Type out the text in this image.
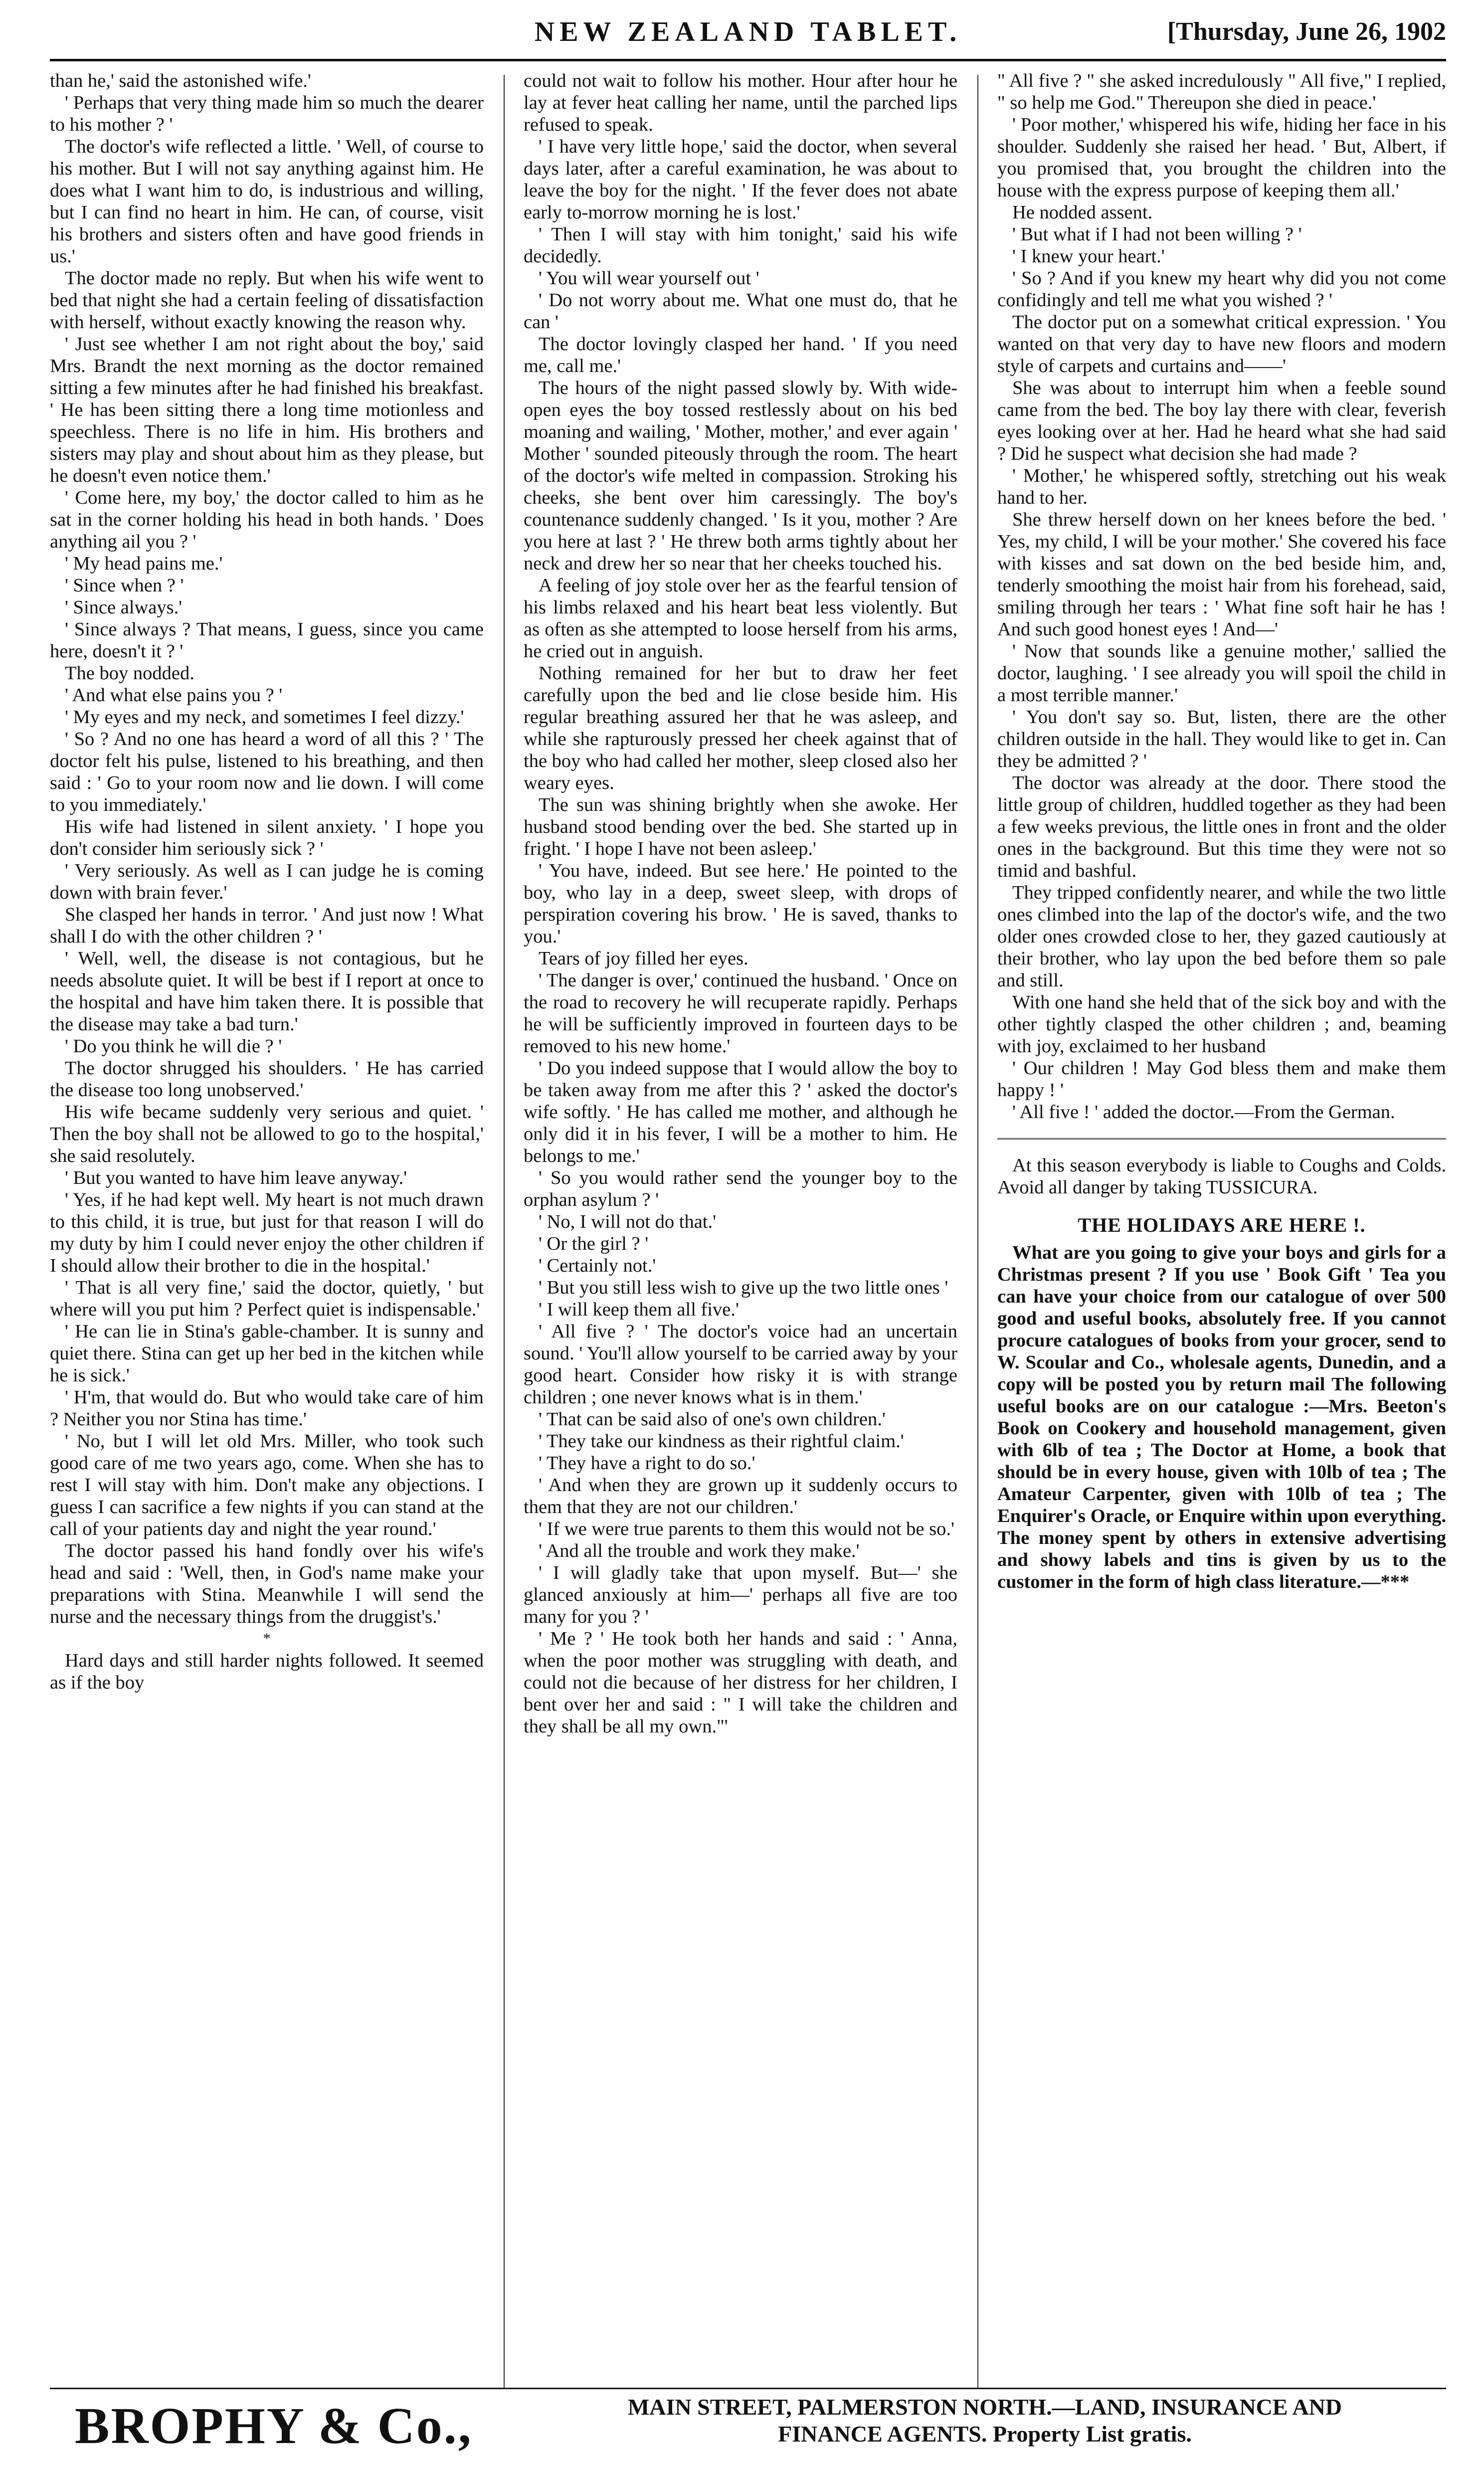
NEW ZEALAND TABLET.	[Thursday, June 26, 1902

than he,' said the astonished wife.'

' Perhaps that very thing made him so much the dearer to his mother ? '

The doctor's wife reflected a little. ' Well, of course to his mother. But I will not say anything against him. He does what I want him to do, is industrious and willing, but I can find no heart in him. He can, of course, visit his brothers and sisters often and have good friends in us.'

The doctor made no reply. But when his wife went to bed that night she had a certain feeling of dissatisfaction with herself, without exactly knowing the reason why.

' Just see whether I am not right about the boy,' said Mrs. Brandt the next morning as the doctor remained sitting a few minutes after he had finished his breakfast. ' He has been sitting there a long time motionless and speechless. There is no life in him. His brothers and sisters may play and shout about him as they please, but he doesn't even notice them.'

' Come here, my boy,' the doctor called to him as he sat in the corner holding his head in both hands. ' Does anything ail you ? '

' My head pains me.'

' Since when ? '

' Since always.'

' Since always ? That means, I guess, since you came here, doesn't it ? '

The boy nodded.

' And what else pains you ? '

' My eyes and my neck, and sometimes I feel dizzy.'

' So ? And no one has heard a word of all this ? ' The doctor felt his pulse, listened to his breathing, and then said : ' Go to your room now and lie down. I will come to you immediately.'

His wife had listened in silent anxiety. ' I hope you don't consider him seriously sick ? '

' Very seriously. As well as I can judge he is coming down with brain fever.'

She clasped her hands in terror. ' And just now ! What shall I do with the other children ? '

' Well, well, the disease is not contagious, but he needs absolute quiet. It will be best if I report at once to the hospital and have him taken there. It is possible that the disease may take a bad turn.'

' Do you think he will die ? '

The doctor shrugged his shoulders. ' He has carried the disease too long unobserved.'

His wife became suddenly very serious and quiet. ' Then the boy shall not be allowed to go to the hospital,' she said resolutely.

' But you wanted to have him leave anyway.'

' Yes, if he had kept well. My heart is not much drawn to this child, it is true, but just for that reason I will do my duty by him I could never enjoy the other children if I should allow their brother to die in the hospital.'

' That is all very fine,' said the doctor, quietly, ' but where will you put him ? Perfect quiet is indispensable.'

' He can lie in Stina's gable-chamber. It is sunny and quiet there. Stina can get up her bed in the kitchen while he is sick.'

' H'm, that would do. But who would take care of him ? Neither you nor Stina has time.'

' No, but I will let old Mrs. Miller, who took such good care of me two years ago, come. When she has to rest I will stay with him. Don't make any objections. I guess I can sacrifice a few nights if you can stand at the call of your patients day and night the year round.'

The doctor passed his hand fondly over his wife's head and said : 'Well, then, in God's name make your preparations with Stina. Meanwhile I will send the nurse and the necessary things from the druggist's.'

*

Hard days and still harder nights followed. It seemed as if the boy

could not wait to follow his mother. Hour after hour he lay at fever heat calling her name, until the parched lips refused to speak.

' I have very little hope,' said the doctor, when several days later, after a careful examination, he was about to leave the boy for the night. ' If the fever does not abate early to-morrow morning he is lost.'

' Then I will stay with him tonight,' said his wife decidedly.

' You will wear yourself out '

' Do not worry about me. What one must do, that he can '

The doctor lovingly clasped her hand. ' If you need me, call me.'

The hours of the night passed slowly by. With wide-open eyes the boy tossed restlessly about on his bed moaning and wailing, ' Mother, mother,' and ever again ' Mother ' sounded piteously through the room. The heart of the doctor's wife melted in compassion. Stroking his cheeks, she bent over him caressingly. The boy's countenance suddenly changed. ' Is it you, mother ? Are you here at last ? ' He threw both arms tightly about her neck and drew her so near that her cheeks touched his.

A feeling of joy stole over her as the fearful tension of his limbs relaxed and his heart beat less violently. But as often as she attempted to loose herself from his arms, he cried out in anguish.

Nothing remained for her but to draw her feet carefully upon the bed and lie close beside him. His regular breathing assured her that he was asleep, and while she rapturously pressed her cheek against that of the boy who had called her mother, sleep closed also her weary eyes.

The sun was shining brightly when she awoke. Her husband stood bending over the bed. She started up in fright. ' I hope I have not been asleep.'

' You have, indeed. But see here.' He pointed to the boy, who lay in a deep, sweet sleep, with drops of perspiration covering his brow. ' He is saved, thanks to you.'

Tears of joy filled her eyes.

' The danger is over,' continued the husband. ' Once on the road to recovery he will recuperate rapidly. Perhaps he will be sufficiently improved in fourteen days to be removed to his new home.'

' Do you indeed suppose that I would allow the boy to be taken away from me after this ? ' asked the doctor's wife softly. ' He has called me mother, and although he only did it in his fever, I will be a mother to him. He belongs to me.'

' So you would rather send the younger boy to the orphan asylum ? '

' No, I will not do that.'

' Or the girl ? '

' Certainly not.'

' But you still less wish to give up the two little ones '

' I will keep them all five.'

' All five ? ' The doctor's voice had an uncertain sound. ' You'll allow yourself to be carried away by your good heart. Consider how risky it is with strange children ; one never knows what is in them.'

' That can be said also of one's own children.'

' They take our kindness as their rightful claim.'

' They have a right to do so.'

' And when they are grown up it suddenly occurs to them that they are not our children.'

' If we were true parents to them this would not be so.'

' And all the trouble and work they make.'

' I will gladly take that upon myself. But—' she glanced anxiously at him—' perhaps all five are too many for you ? '

' Me ? ' He took both her hands and said : ' Anna, when the poor mother was struggling with death, and could not die because of her distress for her children, I bent over her and said : " I will take the children and they shall be all my own."'

" All five ? " she asked incredulously " All five," I replied, " so help me God." Thereupon she died in peace.'

' Poor mother,' whispered his wife, hiding her face in his shoulder. Suddenly she raised her head. ' But, Albert, if you promised that, you brought the children into the house with the express purpose of keeping them all.'

He nodded assent.

' But what if I had not been willing ? '

' I knew your heart.'

' So ? And if you knew my heart why did you not come confidingly and tell me what you wished ? '

The doctor put on a somewhat critical expression. ' You wanted on that very day to have new floors and modern style of carpets and curtains and——'

She was about to interrupt him when a feeble sound came from the bed. The boy lay there with clear, feverish eyes looking over at her. Had he heard what she had said ? Did he suspect what decision she had made ?

' Mother,' he whispered softly, stretching out his weak hand to her.

She threw herself down on her knees before the bed. ' Yes, my child, I will be your mother.' She covered his face with kisses and sat down on the bed beside him, and, tenderly smoothing the moist hair from his forehead, said, smiling through her tears : ' What fine soft hair he has ! And such good honest eyes ! And—'

' Now that sounds like a genuine mother,' sallied the doctor, laughing. ' I see already you will spoil the child in a most terrible manner.'

' You don't say so. But, listen, there are the other children outside in the hall. They would like to get in. Can they be admitted ? '

The doctor was already at the door. There stood the little group of children, huddled together as they had been a few weeks previous, the little ones in front and the older ones in the background. But this time they were not so timid and bashful.

They tripped confidently nearer, and while the two little ones climbed into the lap of the doctor's wife, and the two older ones crowded close to her, they gazed cautiously at their brother, who lay upon the bed before them so pale and still.

With one hand she held that of the sick boy and with the other tightly clasped the other children ; and, beaming with joy, exclaimed to her husband

' Our children ! May God bless them and make them happy ! '

' All five ! ' added the doctor.—From the German.

At this season everybody is liable to Coughs and Colds. Avoid all danger by taking TUSSICURA.

THE HOLIDAYS ARE HERE !.

What are you going to give your boys and girls for a Christmas present ? If you use ' Book Gift ' Tea you can have your choice from our catalogue of over 500 good and useful books, absolutely free. If you cannot procure catalogues of books from your grocer, send to W. Scoular and Co., wholesale agents, Dunedin, and a copy will be posted you by return mail The following useful books are on our catalogue :—Mrs. Beeton's Book on Cookery and household management, given with 6lb of tea ; The Doctor at Home, a book that should be in every house, given with 10lb of tea ; The Amateur Carpenter, given with 10lb of tea ; The Enquirer's Oracle, or Enquire within upon everything. The money spent by others in extensive advertising and showy labels and tins is given by us to the customer in the form of high class literature.—***

BROPHY & Co.,	MAIN STREET, PALMERSTON NORTH.—LAND, INSURANCE AND
FINANCE AGENTS. Property List gratis.
